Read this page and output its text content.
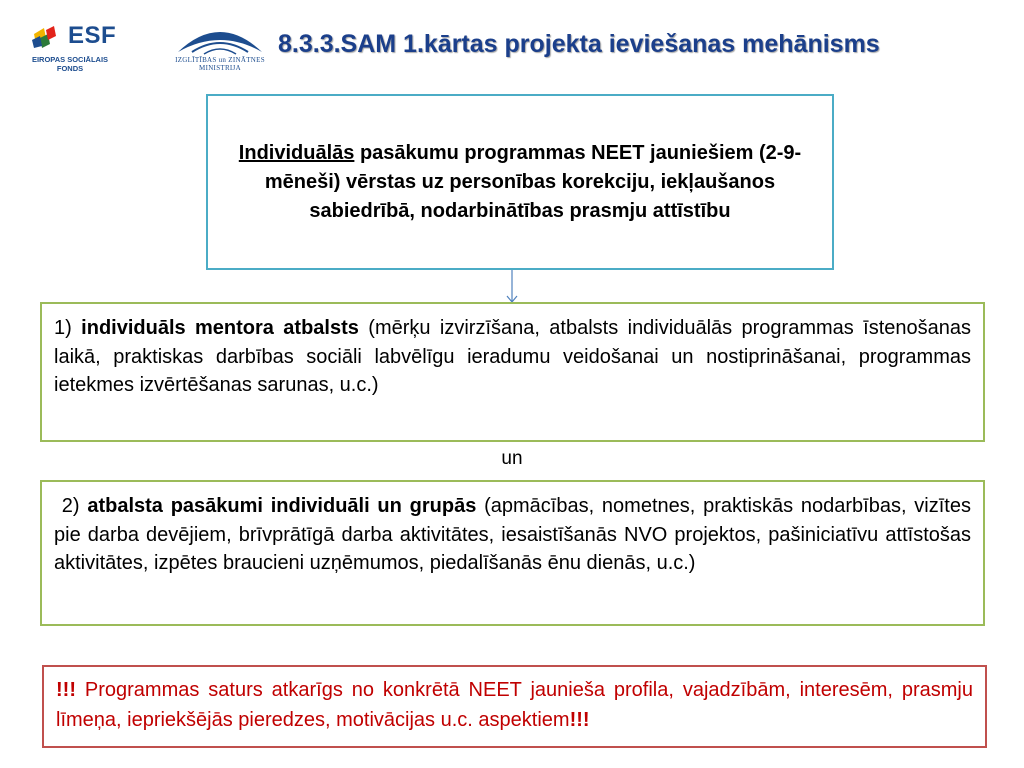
ESF
EIROPAS SOCIĀLAIS FONDS
IZGLĪTĪBAS un ZINĀTNES MINISTRIJA
8.3.3.SAM 1.kārtas projekta ieviešanas mehānisms
Individuālās pasākumu programmas NEET jauniešiem (2-9- mēneši) vērstas uz personības korekciju, iekļaušanos sabiedrībā, nodarbinātības prasmju attīstību
1) individuāls mentora atbalsts (mērķu izvirzīšana, atbalsts individuālās programmas īstenošanas laikā, praktiskas darbības sociāli labvēlīgu ieradumu veidošanai un nostiprināšanai, programmas ietekmes izvērtēšanas sarunas, u.c.)
un
2) atbalsta pasākumi individuāli un grupās (apmācības, nometnes, praktiskās nodarbības, vizītes pie darba devējiem, brīvprātīgā darba aktivitātes, iesaistīšanās NVO projektos, pašiniciatīvu attīstošas aktivitātes, izpētes braucieni uzņēmumos, piedalīšanās ēnu dienās, u.c.)
!!! Programmas saturs atkarīgs no konkrētā NEET jaunieša profila, vajadzībām, interesēm, prasmju līmeņa, iepriekšējās pieredzes, motivācijas u.c. aspektiem!!!
